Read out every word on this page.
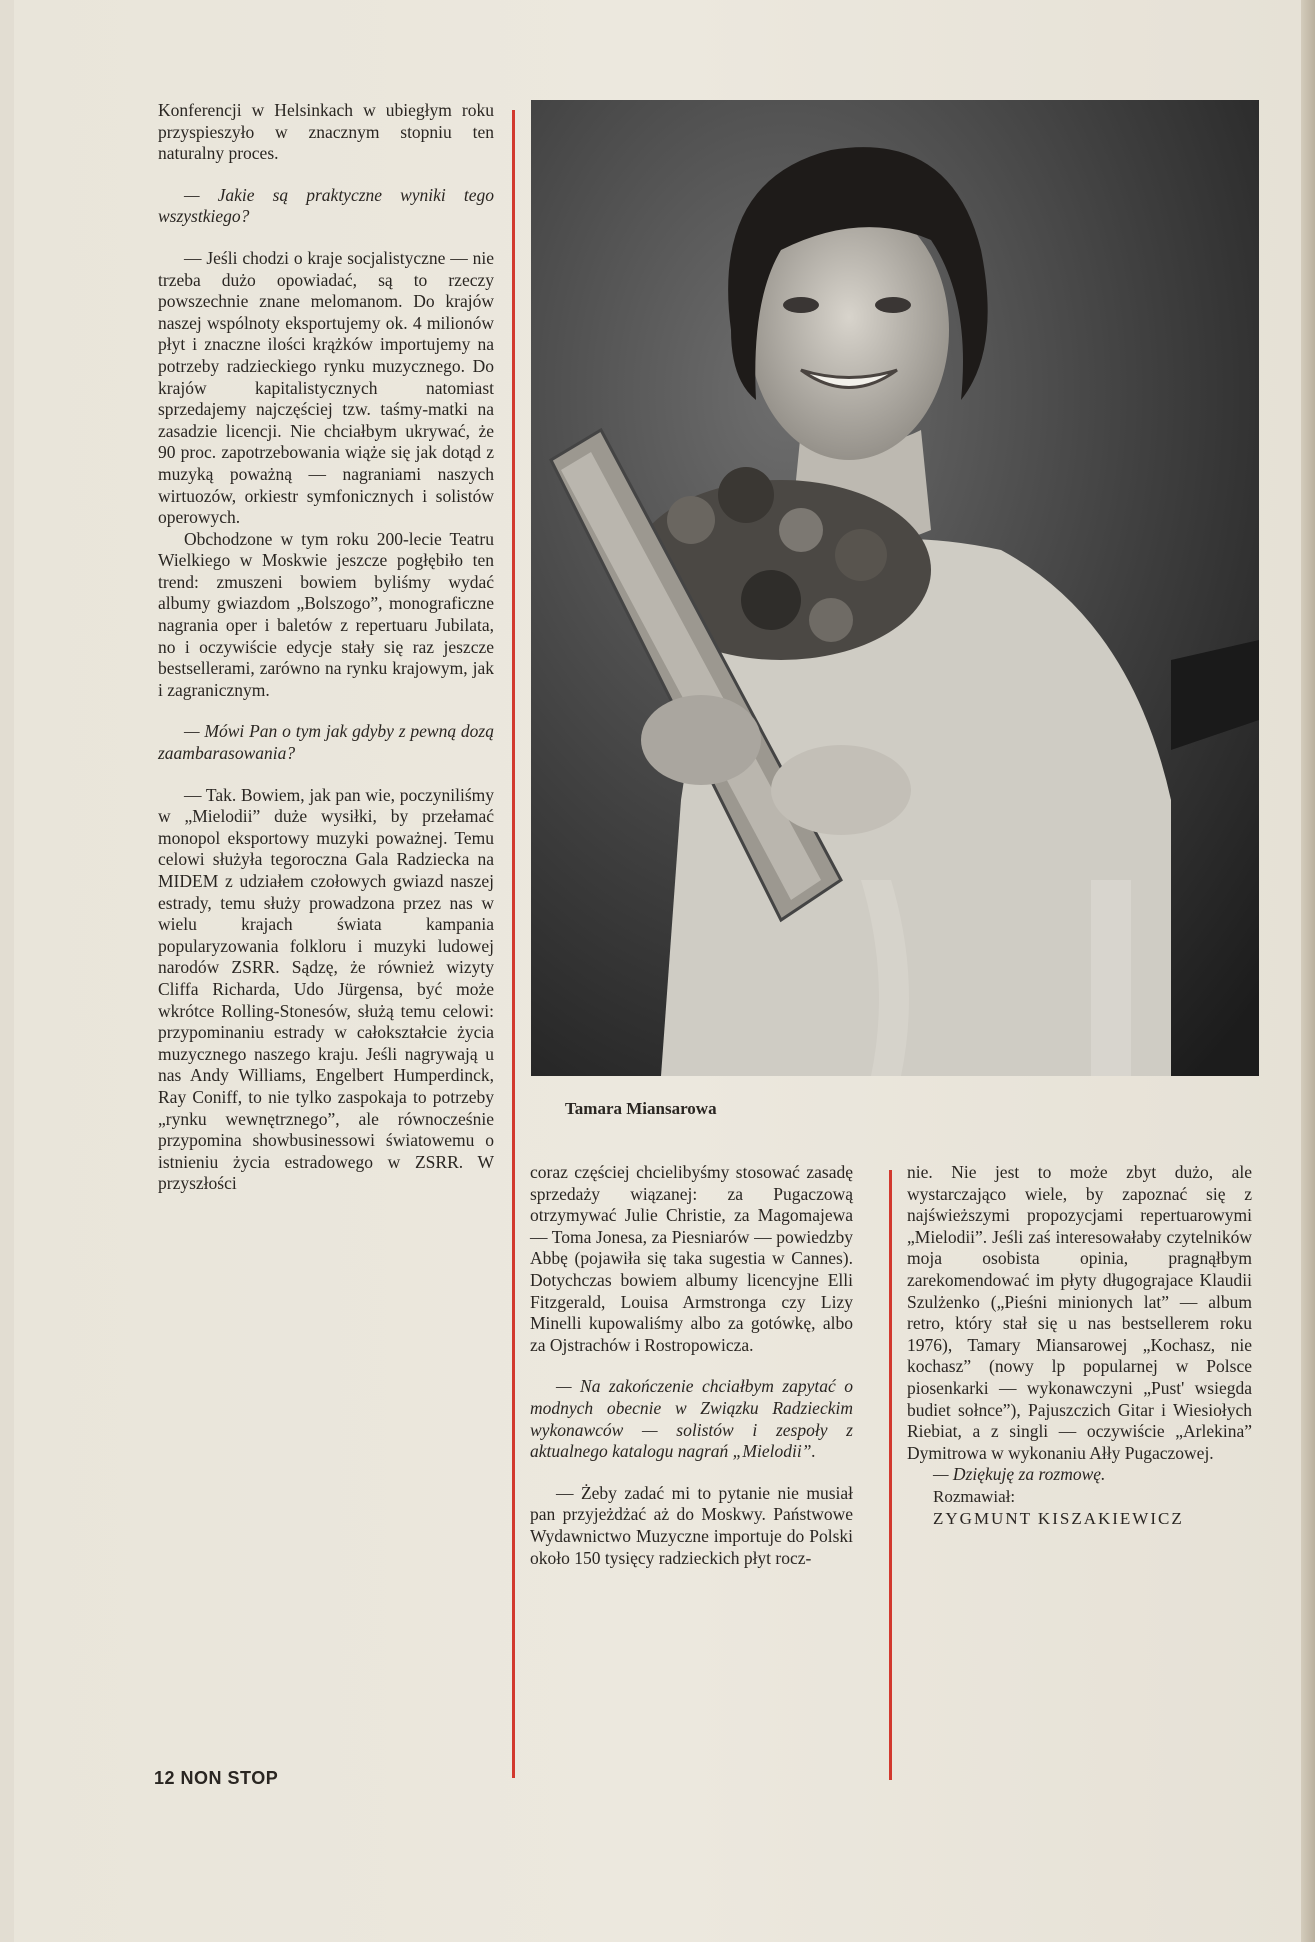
Konferencji w Helsinkach w ubiegłym roku przyspieszyło w znacznym stopniu ten naturalny proces.

— Jakie są praktyczne wyniki tego wszystkiego?

— Jeśli chodzi o kraje socjalistyczne — nie trzeba dużo opowiadać, są to rzeczy powszechnie znane melomanom. Do krajów naszej wspólnoty eksportujemy ok. 4 milionów płyt i znaczne ilości krążków importujemy na potrzeby radzieckiego rynku muzycznego. Do krajów kapitalistycznych natomiast sprzedajemy najczęściej tzw. taśmy-matki na zasadzie licencji. Nie chciałbym ukrywać, że 90 proc. zapotrzebowania wiąże się jak dotąd z muzyką poważną — nagraniami naszych wirtuozów, orkiestr symfonicznych i solistów operowych.

Obchodzone w tym roku 200-lecie Teatru Wielkiego w Moskwie jeszcze pogłębiło ten trend: zmuszeni bowiem byliśmy wydać albumy gwiazdom „Bolszogo”, monograficzne nagrania oper i baletów z repertuaru Jubilata, no i oczywiście edycje stały się raz jeszcze bestsellerami, zarówno na rynku krajowym, jak i zagranicznym.

— Mówi Pan o tym jak gdyby z pewną dozą zaambarasowania?

— Tak. Bowiem, jak pan wie, poczyniliśmy w „Mielodii” duże wysiłki, by przełamać monopol eksportowy muzyki poważnej. Temu celowi służyła tegoroczna Gala Radziecka na MIDEM z udziałem czołowych gwiazd naszej estrady, temu służy prowadzona przez nas w wielu krajach świata kampania popularyzowania folkloru i muzyki ludowej narodów ZSRR. Sądzę, że również wizyty Cliffa Richarda, Udo Jürgensa, być może wkrótce Rolling-Stonesów, służą temu celowi: przypominaniu estrady w całokształcie życia muzycznego naszego kraju. Jeśli nagrywają u nas Andy Williams, Engelbert Humperdinck, Ray Coniff, to nie tylko zaspokaja to potrzeby „rynku wewnętrznego”, ale równocześnie przypomina showbusinessowi światowemu o istnieniu życia estradowego w ZSRR. W przyszłości

Tamara Miansarowa

coraz częściej chcielibyśmy stosować zasadę sprzedaży wiązanej: za Pugaczową otrzymywać Julie Christie, za Magomajewa — Toma Jonesa, za Piesniarów — powiedzby Abbę (pojawiła się taka sugestia w Cannes). Dotychczas bowiem albumy licencyjne Elli Fitzgerald, Louisa Armstronga czy Lizy Minelli kupowaliśmy albo za gotówkę, albo za Ojstrachów i Rostropowicza.

— Na zakończenie chciałbym zapytać o modnych obecnie w Związku Radzieckim wykonawców — solistów i zespoły z aktualnego katalogu nagrań „Mielodii”.

— Żeby zadać mi to pytanie nie musiał pan przyjeżdżać aż do Moskwy. Państwowe Wydawnictwo Muzyczne importuje do Polski około 150 tysięcy radzieckich płyt rocz-

nie. Nie jest to może zbyt dużo, ale wystarczająco wiele, by zapoznać się z najświeższymi propozycjami repertuarowymi „Mielodii”. Jeśli zaś interesowałaby czytelników moja osobista opinia, pragnąłbym zarekomendować im płyty długograjace Klaudii Szulżenko („Pieśni minionych lat” — album retro, który stał się u nas bestsellerem roku 1976), Tamary Miansarowej „Kochasz, nie kochasz” (nowy lp popularnej w Polsce piosenkarki — wykonawczyni „Pust' wsiegda budiet sołnce”), Pajuszczich Gitar i Wiesiołych Riebiat, a z singli — oczywiście „Arlekina” Dymitrowa w wykonaniu Ałły Pugaczowej.

— Dziękuję za rozmowę.

Rozmawiał:

ZYGMUNT KISZAKIEWICZ

12 NON STOP
